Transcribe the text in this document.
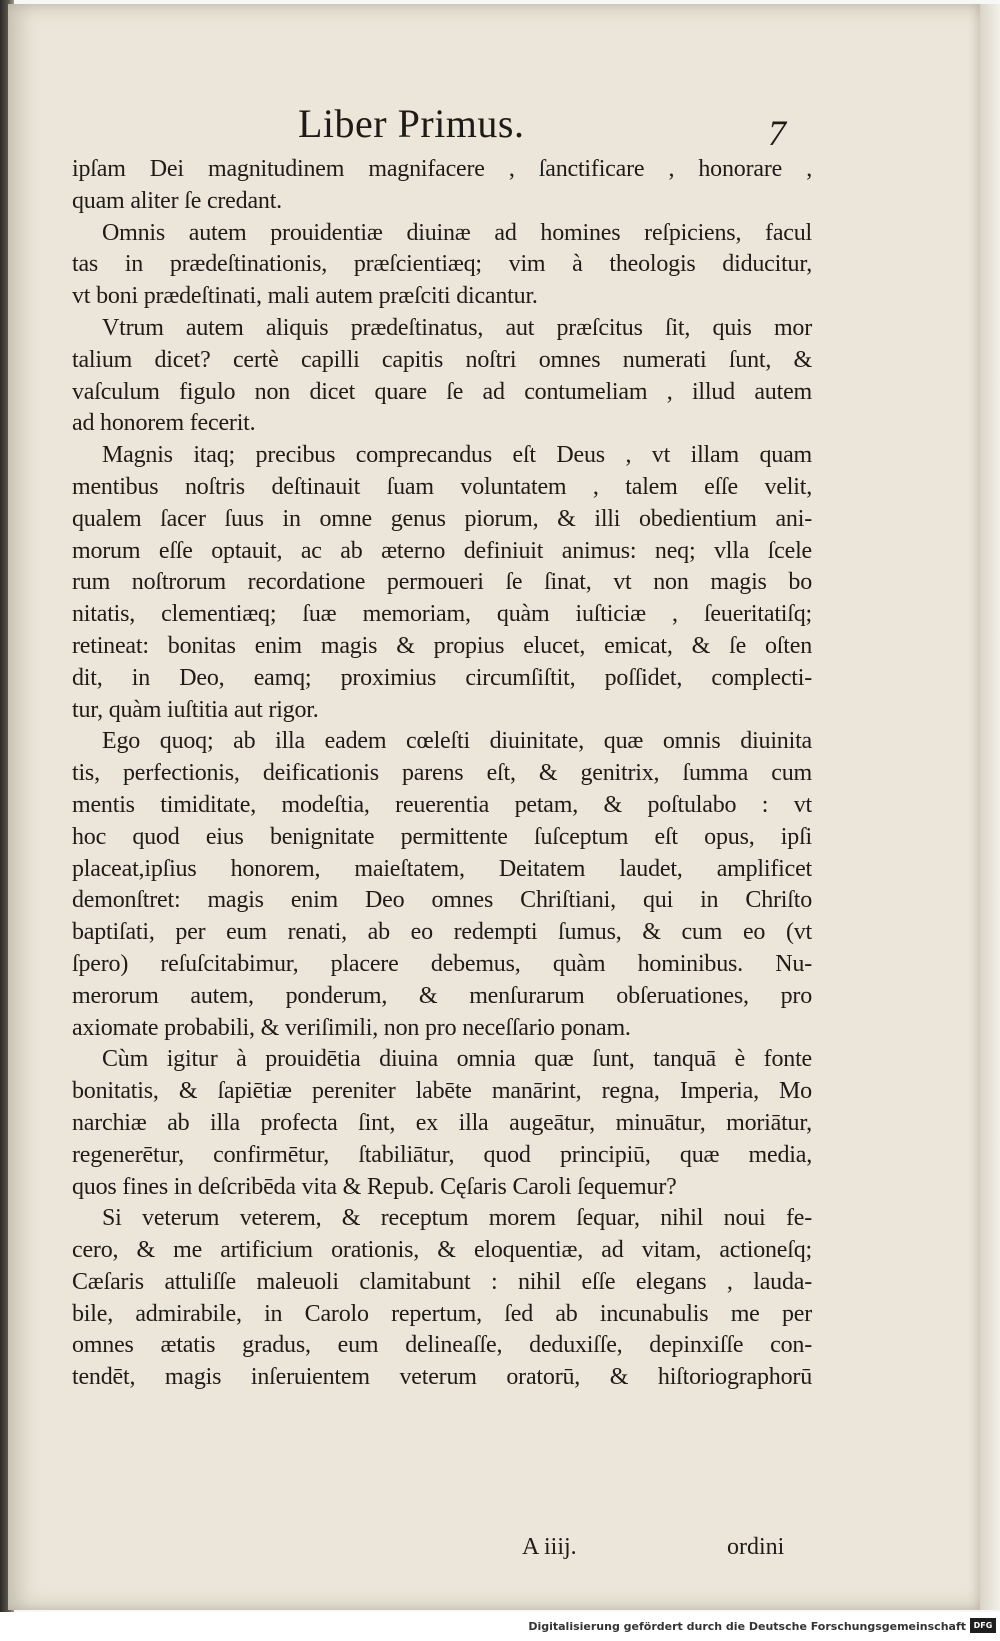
Liber Primus.	7
ipſam Dei magnitudinem magnifacere , ſanctificare , honorare ,
quam aliter ſe credant.
Omnis autem prouidentiæ diuinæ ad homines reſpiciens, facul
tas in prædeſtinationis, præſcientiæq; vim à theologis diducitur,
vt boni prædeſtinati, mali autem præſciti dicantur.
Vtrum autem aliquis prædeſtinatus, aut præſcitus ſit, quis mor
talium dicet? certè capilli capitis noſtri omnes numerati ſunt, &
vaſculum figulo non dicet quare ſe ad contumeliam , illud autem
ad honorem fecerit.
Magnis itaq; precibus comprecandus eſt Deus , vt illam quam
mentibus noſtris deſtinauit ſuam voluntatem , talem eſſe velit,
qualem ſacer ſuus in omne genus piorum, & illi obedientium ani-
morum eſſe optauit, ac ab æterno definiuit animus: neq; vlla ſcele
rum noſtrorum recordatione permoueri ſe ſinat, vt non magis bo
nitatis, clementiæq; ſuæ memoriam, quàm iuſticiæ , ſeueritatiſq;
retineat: bonitas enim magis & propius elucet, emicat, & ſe oſten
dit, in Deo, eamq; proximius circumſiſtit, poſſidet, complecti-
tur, quàm iuſtitia aut rigor.
Ego quoq; ab illa eadem cœleſti diuinitate, quæ omnis diuinita
tis, perfectionis, deificationis parens eſt, & genitrix, ſumma cum
mentis timiditate, modeſtia, reuerentia petam, & poſtulabo : vt
hoc quod eius benignitate permittente ſuſceptum eſt opus, ipſi
placeat,ipſius honorem, maieſtatem, Deitatem laudet, amplificet
demonſtret: magis enim Deo omnes Chriſtiani, qui in Chriſto
baptiſati, per eum renati, ab eo redempti ſumus, & cum eo (vt
ſpero) reſuſcitabimur, placere debemus, quàm hominibus. Nu-
merorum autem, ponderum, & menſurarum obſeruationes, pro
axiomate probabili, & veriſimili, non pro neceſſario ponam.
Cùm igitur à prouidētia diuina omnia quæ ſunt, tanquā è fonte
bonitatis, & ſapiētiæ pereniter labēte manārint, regna, Imperia, Mo
narchiæ ab illa profecta ſint, ex illa augeātur, minuātur, moriātur,
regenerētur, confirmētur, ſtabiliātur, quod principiū, quæ media,
quos fines in deſcribēda vita & Repub. Cęſaris Caroli ſequemur?
Si veterum veterem, & receptum morem ſequar, nihil noui fe-
cero, & me artificium orationis, & eloquentiæ, ad vitam, actioneſq;
Cæſaris attuliſſe maleuoli clamitabunt : nihil eſſe elegans , lauda-
bile, admirabile, in Carolo repertum, ſed ab incunabulis me per
omnes ætatis gradus, eum delineaſſe, deduxiſſe, depinxiſſe con-
tendēt, magis inſeruientem veterum oratorū, & hiſtoriographorū
A iiij.	ordini
Digitalisierung gefördert durch die Deutsche Forschungsgemeinschaft DFG
